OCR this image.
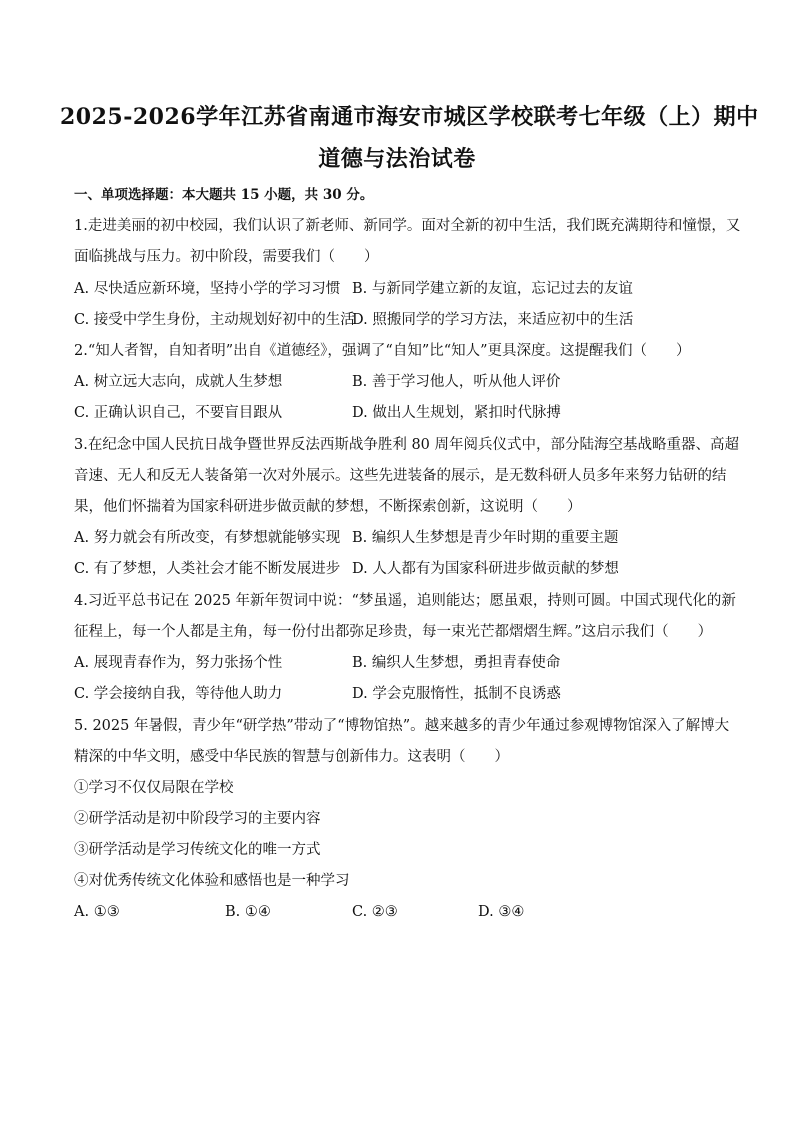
2025-2026学年江苏省南通市海安市城区学校联考七年级（上）期中
道德与法治试卷
一、单项选择题：本大题共 15 小题，共 30 分。
1.走进美丽的初中校园，我们认识了新老师、新同学。面对全新的初中生活，我们既充满期待和憧憬，又
面临挑战与压力。初中阶段，需要我们（　　）
A. 尽快适应新环境，坚持小学的学习习惯 B. 与新同学建立新的友谊，忘记过去的友谊
C. 接受中学生身份，主动规划好初中的生活
D. 照搬同学的学习方法，来适应初中的生活
2.“知人者智，自知者明”出自《道德经》，强调了“自知”比“知人”更具深度。这提醒我们（　　）
A. 树立远大志向，成就人生梦想	B. 善于学习他人，听从他人评价
C. 正确认识自己，不要盲目跟从	D. 做出人生规划，紧扣时代脉搏
3.在纪念中国人民抗日战争暨世界反法西斯战争胜利 80 周年阅兵仪式中，部分陆海空基战略重器、高超
音速、无人和反无人装备第一次对外展示。这些先进装备的展示，是无数科研人员多年来努力钻研的结
果，他们怀揣着为国家科研进步做贡献的梦想，不断探索创新，这说明（　　）
A. 努力就会有所改变，有梦想就能够实现 B. 编织人生梦想是青少年时期的重要主题
C. 有了梦想，人类社会才能不断发展进步 D. 人人都有为国家科研进步做贡献的梦想
4.习近平总书记在 2025 年新年贺词中说：“梦虽遥，追则能达；愿虽艰，持则可圆。中国式现代化的新
征程上，每一个人都是主角，每一份付出都弥足珍贵，每一束光芒都熠熠生辉。”这启示我们（　　）
A. 展现青春作为，努力张扬个性	B. 编织人生梦想，勇担青春使命
C. 学会接纳自我，等待他人助力	D. 学会克服惰性，抵制不良诱惑
5. 2025 年暑假，青少年“研学热”带动了“博物馆热”。越来越多的青少年通过参观博物馆深入了解博大
精深的中华文明，感受中华民族的智慧与创新伟力。这表明（　　）
①学习不仅仅局限在学校
②研学活动是初中阶段学习的主要内容
③研学活动是学习传统文化的唯一方式
④对优秀传统文化体验和感悟也是一种学习
A. ①③	B. ①④	C. ②③	D. ③④
